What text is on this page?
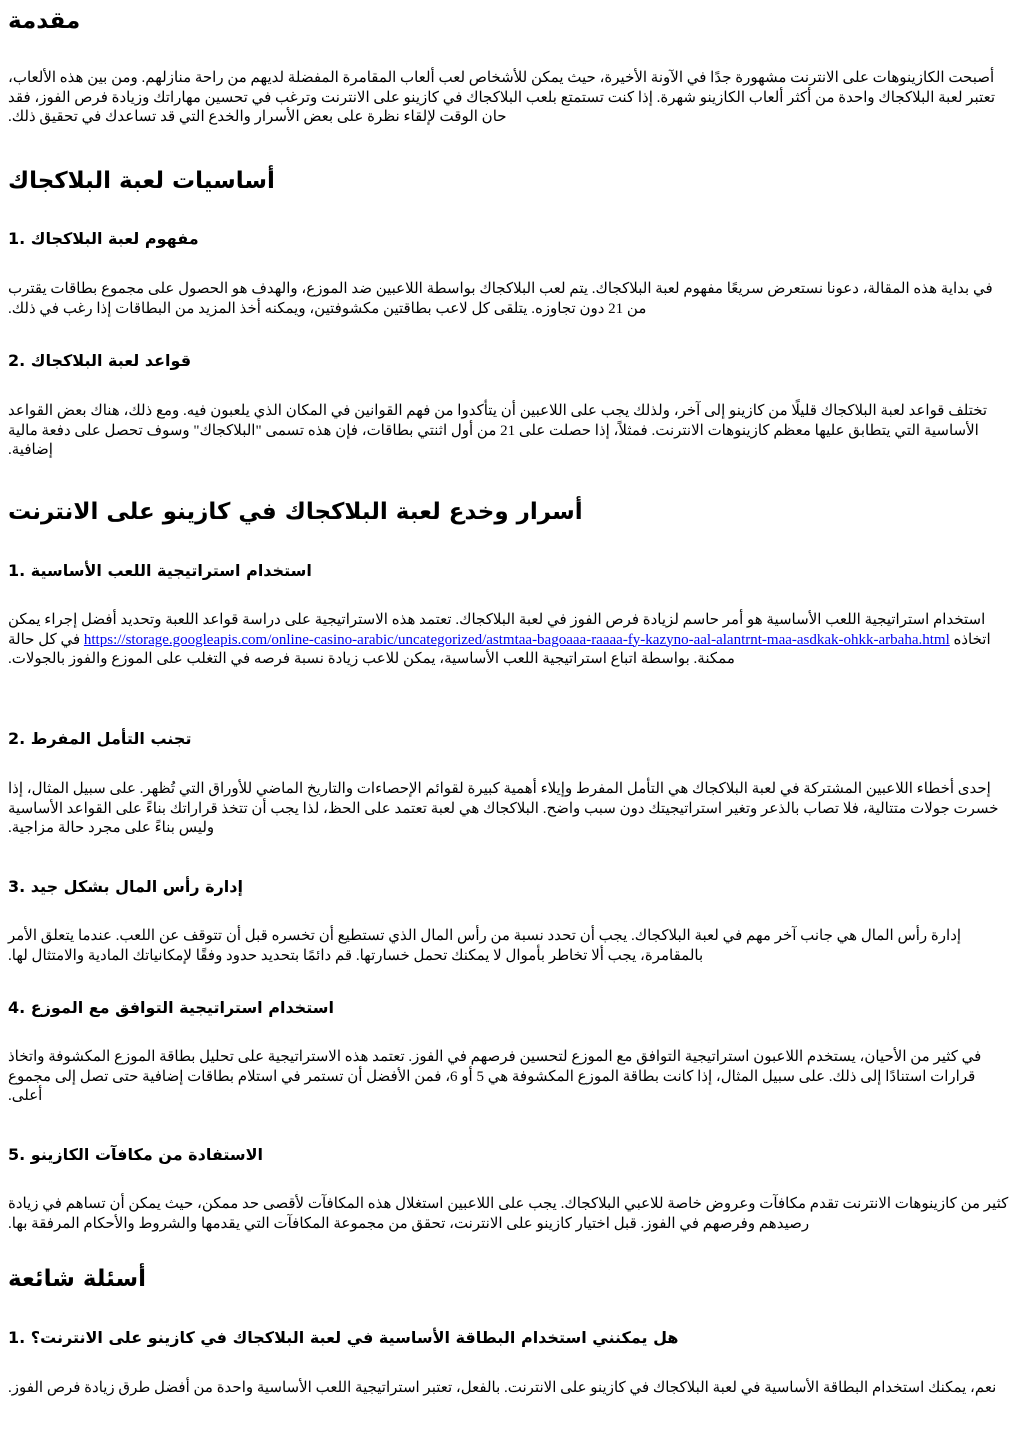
مقدمة

أصبحت الكازينوهات على الانترنت مشهورة جدًا في الآونة الأخيرة، حيث يمكن للأشخاص لعب ألعاب المقامرة المفضلة لديهم من راحة منازلهم. ومن بين هذه الألعاب، تعتبر لعبة البلاكجاك واحدة من أكثر ألعاب الكازينو شهرة. إذا كنت تستمتع بلعب البلاكجاك في كازينو على الانترنت وترغب في تحسين مهاراتك وزيادة فرص الفوز، فقد حان الوقت لإلقاء نظرة على بعض الأسرار والخدع التي قد تساعدك في تحقيق ذلك.

أساسيات لعبة البلاكجاك
مفهوم لعبة البلاكجاك .1

في بداية هذه المقالة، دعونا نستعرض سريعًا مفهوم لعبة البلاكجاك. يتم لعب البلاكجاك بواسطة اللاعبين ضد الموزع، والهدف هو الحصول على مجموع بطاقات يقترب من 21 دون تجاوزه. يتلقى كل لاعب بطاقتين مكشوفتين، ويمكنه أخذ المزيد من البطاقات إذا رغب في ذلك.

قواعد لعبة البلاكجاك .2

تختلف قواعد لعبة البلاكجاك قليلًا من كازينو إلى آخر، ولذلك يجب على اللاعبين أن يتأكدوا من فهم القوانين في المكان الذي يلعبون فيه. ومع ذلك، هناك بعض القواعد الأساسية التي يتطابق عليها معظم كازينوهات الانترنت. فمثلاً، إذا حصلت على 21 من أول اثنتي بطاقات، فإن هذه تسمى "البلاكجاك" وسوف تحصل على دفعة مالية إضافية.

أسرار وخدع لعبة البلاكجاك في كازينو على الانترنت
استخدام استراتيجية اللعب الأساسية .1

استخدام استراتيجية اللعب الأساسية هو أمر حاسم لزيادة فرص الفوز في لعبة البلاكجاك. تعتمد هذه الاستراتيجية على دراسة قواعد اللعبة وتحديد أفضل إجراء يمكن اتخاذه https://storage.googleapis.com/online-casino-arabic/uncategorized/astmtaa-bagoaaa-raaaa-fy-kazyno-aal-alantrnt-maa-asdkak-ohkk-arbaha.html في كل حالة ممكنة. بواسطة اتباع استراتيجية اللعب الأساسية، يمكن للاعب زيادة نسبة فرصه في التغلب على الموزع والفوز بالجولات.

تجنب التأمل المفرط .2

إحدى أخطاء اللاعبين المشتركة في لعبة البلاكجاك هي التأمل المفرط وإيلاء أهمية كبيرة لقوائم الإحصاءات والتاريخ الماضي للأوراق التي تُظهر. على سبيل المثال، إذا خسرت جولات متتالية، فلا تصاب بالذعر وتغير استراتيجيتك دون سبب واضح. البلاكجاك هي لعبة تعتمد على الحظ، لذا يجب أن تتخذ قراراتك بناءً على القواعد الأساسية وليس بناءً على مجرد حالة مزاجية.

إدارة رأس المال بشكل جيد .3

إدارة رأس المال هي جانب آخر مهم في لعبة البلاكجاك. يجب أن تحدد نسبة من رأس المال الذي تستطيع أن تخسره قبل أن تتوقف عن اللعب. عندما يتعلق الأمر بالمقامرة، يجب ألا تخاطر بأموال لا يمكنك تحمل خسارتها. قم دائمًا بتحديد حدود وفقًا لإمكانياتك المادية والامتثال لها.

استخدام استراتيجية التوافق مع الموزع .4

في كثير من الأحيان، يستخدم اللاعبون استراتيجية التوافق مع الموزع لتحسين فرصهم في الفوز. تعتمد هذه الاستراتيجية على تحليل بطاقة الموزع المكشوفة واتخاذ قرارات استنادًا إلى ذلك. على سبيل المثال، إذا كانت بطاقة الموزع المكشوفة هي 5 أو 6، فمن الأفضل أن تستمر في استلام بطاقات إضافية حتى تصل إلى مجموع أعلى.

الاستفادة من مكافآت الكازينو .5

كثير من كازينوهات الانترنت تقدم مكافآت وعروض خاصة للاعبي البلاكجاك. يجب على اللاعبين استغلال هذه المكافآت لأقصى حد ممكن، حيث يمكن أن تساهم في زيادة رصيدهم وفرصهم في الفوز. قبل اختيار كازينو على الانترنت، تحقق من مجموعة المكافآت التي يقدمها والشروط والأحكام المرفقة بها.

أسئلة شائعة
هل يمكنني استخدام البطاقة الأساسية في لعبة البلاكجاك في كازينو على الانترنت؟ .1

نعم، يمكنك استخدام البطاقة الأساسية في لعبة البلاكجاك في كازينو على الانترنت. بالفعل، تعتبر استراتيجية اللعب الأساسية واحدة من أفضل طرق زيادة فرص الفوز.
